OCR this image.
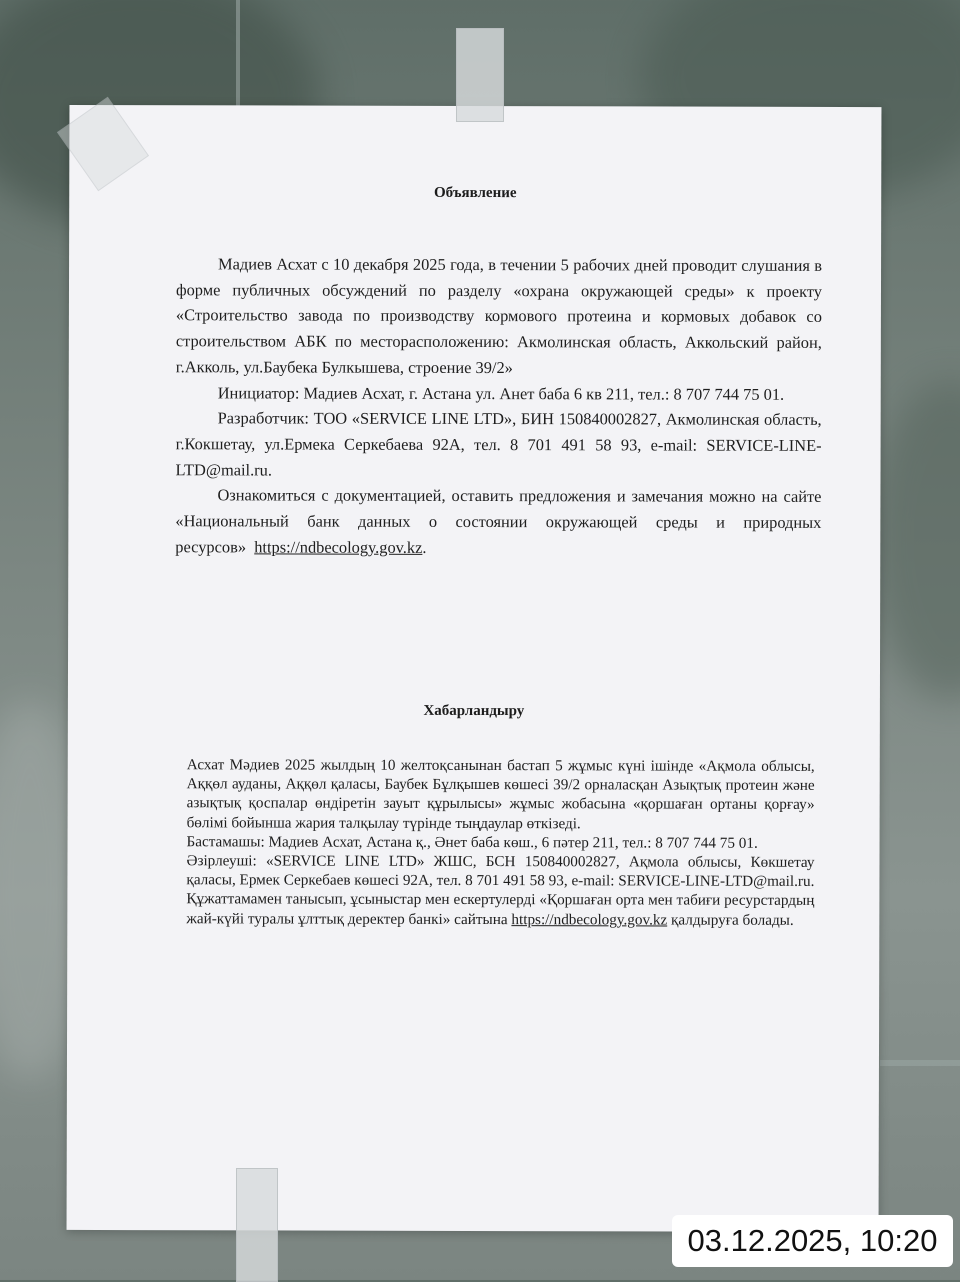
Объявление

Мадиев Асхат с 10 декабря 2025 года, в течении 5 рабочих дней проводит слушания в форме публичных обсуждений по разделу «охрана окружающей среды» к проекту «Строительство завода по производству кормового протеина и кормовых добавок со строительством АБК по месторасположению: Акмолинская область, Аккольский район, г.Акколь, ул.Баубека Булкышева, строение 39/2»

Инициатор: Мадиев Асхат, г. Астана ул. Анет баба 6 кв 211, тел.: 8 707 744 75 01.

Разработчик: ТОО «SERVICE LINE LTD», БИН 150840002827, Акмолинская область, г.Кокшетау, ул.Ермека Серкебаева 92А, тел. 8 701 491 58 93, e-mail: SERVICE-LINE-LTD@mail.ru.

Ознакомиться с документацией, оставить предложения и замечания можно на сайте «Национальный банк данных о состоянии окружающей среды и природных ресурсов» https://ndbecology.gov.kz.

Хабарландыру

Асхат Мәдиев 2025 жылдың 10 желтоқсанынан бастап 5 жұмыс күні ішінде «Ақмола облысы, Аққөл ауданы, Аққөл қаласы, Баубек Бұлқышев көшесі 39/2 орналасқан Азықтық протеин және азықтық қоспалар өндіретін зауыт құрылысы» жұмыс жобасына «қоршаған ортаны қорғау» бөлімі бойынша жария талқылау түрінде тыңдаулар өткізеді.

Бастамашы: Мадиев Асхат, Астана қ., Әнет баба көш., 6 пәтер 211, тел.: 8 707 744 75 01.

Әзірлеуші: «SERVICE LINE LTD» ЖШС, БСН 150840002827, Ақмола облысы, Көкшетау қаласы, Ермек Серкебаев көшесі 92А, тел. 8 701 491 58 93, e-mail: SERVICE-LINE-LTD@mail.ru.

Құжаттамамен танысып, ұсыныстар мен ескертулерді «Қоршаған орта мен табиғи ресурстардың жай-күйі туралы ұлттық деректер банкі» сайтына https://ndbecology.gov.kz қалдыруға болады.

03.12.2025, 10:20
